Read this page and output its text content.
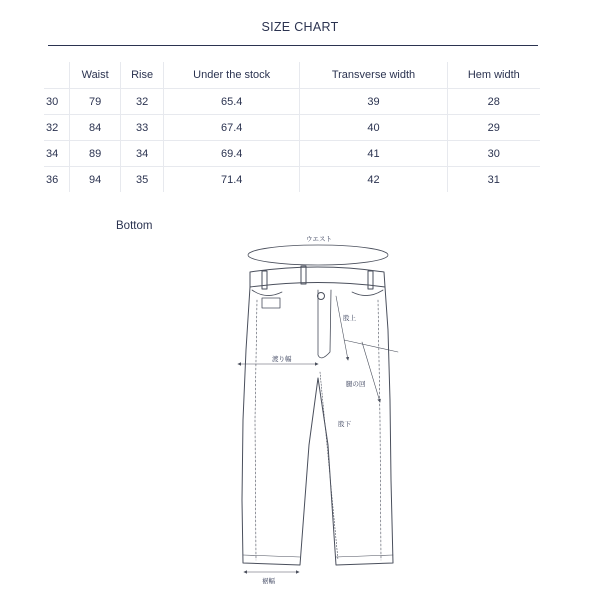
SIZE CHART
	Waist	Rise	Under the stock	Transverse width	Hem width
30	79	32	65.4	39	28
32	84	33	67.4	40	29
34	89	34	69.4	41	30
36	94	35	71.4	42	31
Bottom
ウエスト
股上
渡り幅
腿の回
股下
裾幅
